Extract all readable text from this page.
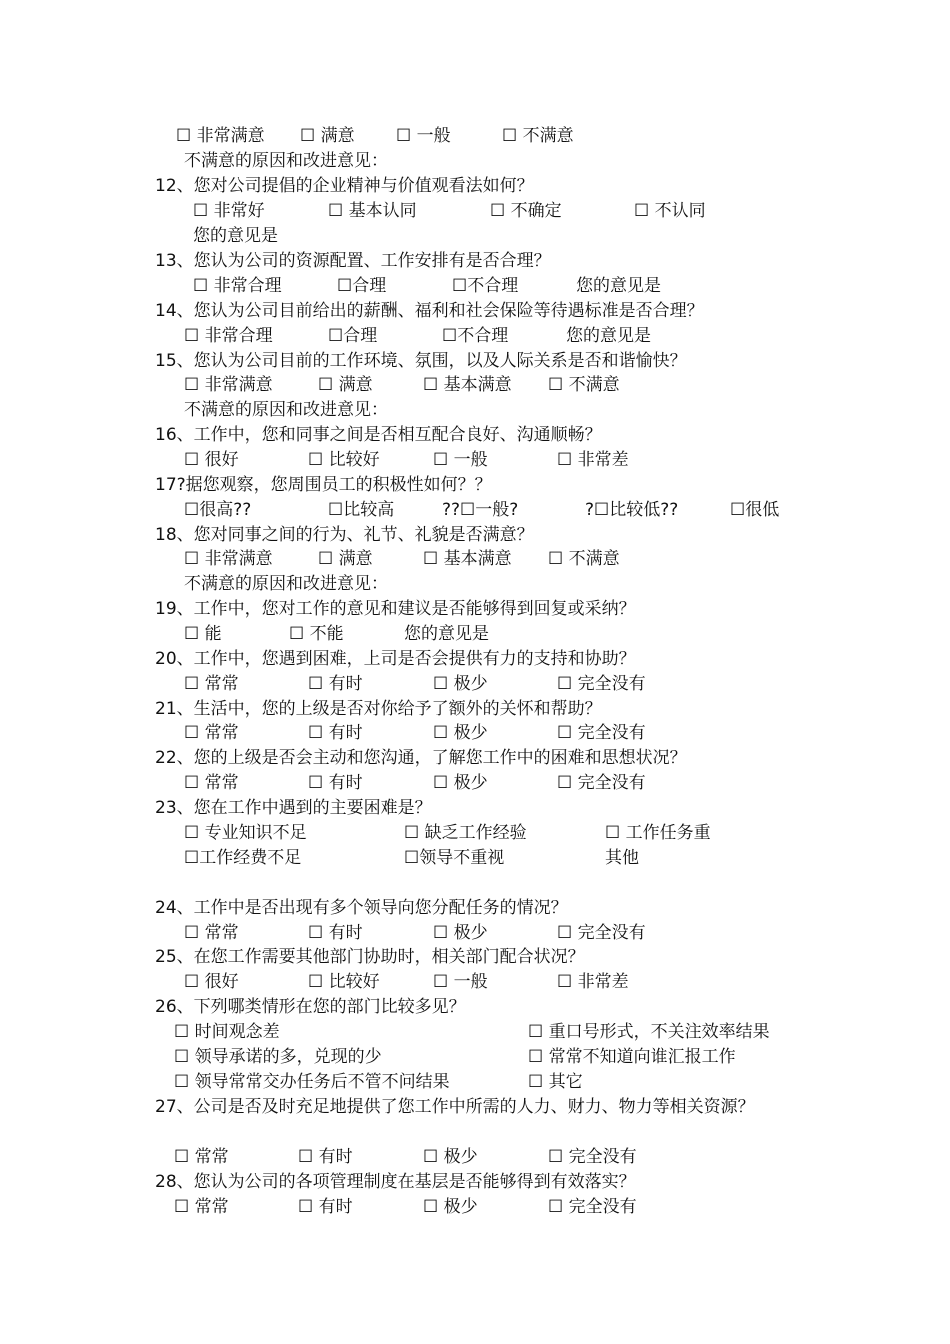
☐ 非常满意 ☐ 满意 ☐ 一般	☐ 不满意
不满意的原因和改进意见：
12、您对公司提倡的企业精神与价值观看法如何？
☐ 非常好	☐ 基本认同	☐ 不确定	☐ 不认同
您的意见是
13、您认为公司的资源配置、工作安排有是否合理？
☐ 非常合理	☐合理	☐不合理	您的意见是
14、您认为公司目前给出的薪酬、福利和社会保险等待遇标准是否合理？
☐ 非常合理	☐合理	☐不合理	您的意见是
15、您认为公司目前的工作环境、氛围，以及人际关系是否和谐愉快？
☐ 非常满意	☐ 满意	☐ 基本满意 ☐ 不满意
不满意的原因和改进意见：
16、工作中，您和同事之间是否相互配合良好、沟通顺畅？
☐ 很好	☐ 比较好	☐ 一般	☐ 非常差
17?据您观察，您周围员工的积极性如何？？
☐很高??	☐比较高	??☐一般?	?☐比较低??	☐很低
18、您对同事之间的行为、礼节、礼貌是否满意？
☐ 非常满意	☐ 满意	☐ 基本满意 ☐ 不满意
不满意的原因和改进意见：
19、工作中，您对工作的意见和建议是否能够得到回复或采纳？
☐ 能	☐ 不能	您的意见是
20、工作中，您遇到困难，上司是否会提供有力的支持和协助？
☐ 常常	☐ 有时	☐ 极少	☐ 完全没有
21、生活中，您的上级是否对你给予了额外的关怀和帮助？
☐ 常常	☐ 有时	☐ 极少	☐ 完全没有
22、您的上级是否会主动和您沟通，了解您工作中的困难和思想状况？
☐ 常常	☐ 有时	☐ 极少	☐ 完全没有
23、您在工作中遇到的主要困难是？
☐ 专业知识不足	☐ 缺乏工作经验	☐ 工作任务重
☐工作经费不足	☐领导不重视	其他
24、工作中是否出现有多个领导向您分配任务的情况？
☐ 常常	☐ 有时	☐ 极少	☐ 完全没有
25、在您工作需要其他部门协助时，相关部门配合状况？
☐ 很好	☐ 比较好	☐ 一般	☐ 非常差
26、下列哪类情形在您的部门比较多见？
☐ 时间观念差	☐ 重口号形式，不关注效率结果
☐ 领导承诺的多，兑现的少	☐ 常常不知道向谁汇报工作
☐ 领导常常交办任务后不管不问结果	☐ 其它
27、公司是否及时充足地提供了您工作中所需的人力、财力、物力等相关资源？
☐ 常常	☐ 有时	☐ 极少	☐ 完全没有
28、您认为公司的各项管理制度在基层是否能够得到有效落实？
☐ 常常	☐ 有时	☐ 极少	☐ 完全没有
